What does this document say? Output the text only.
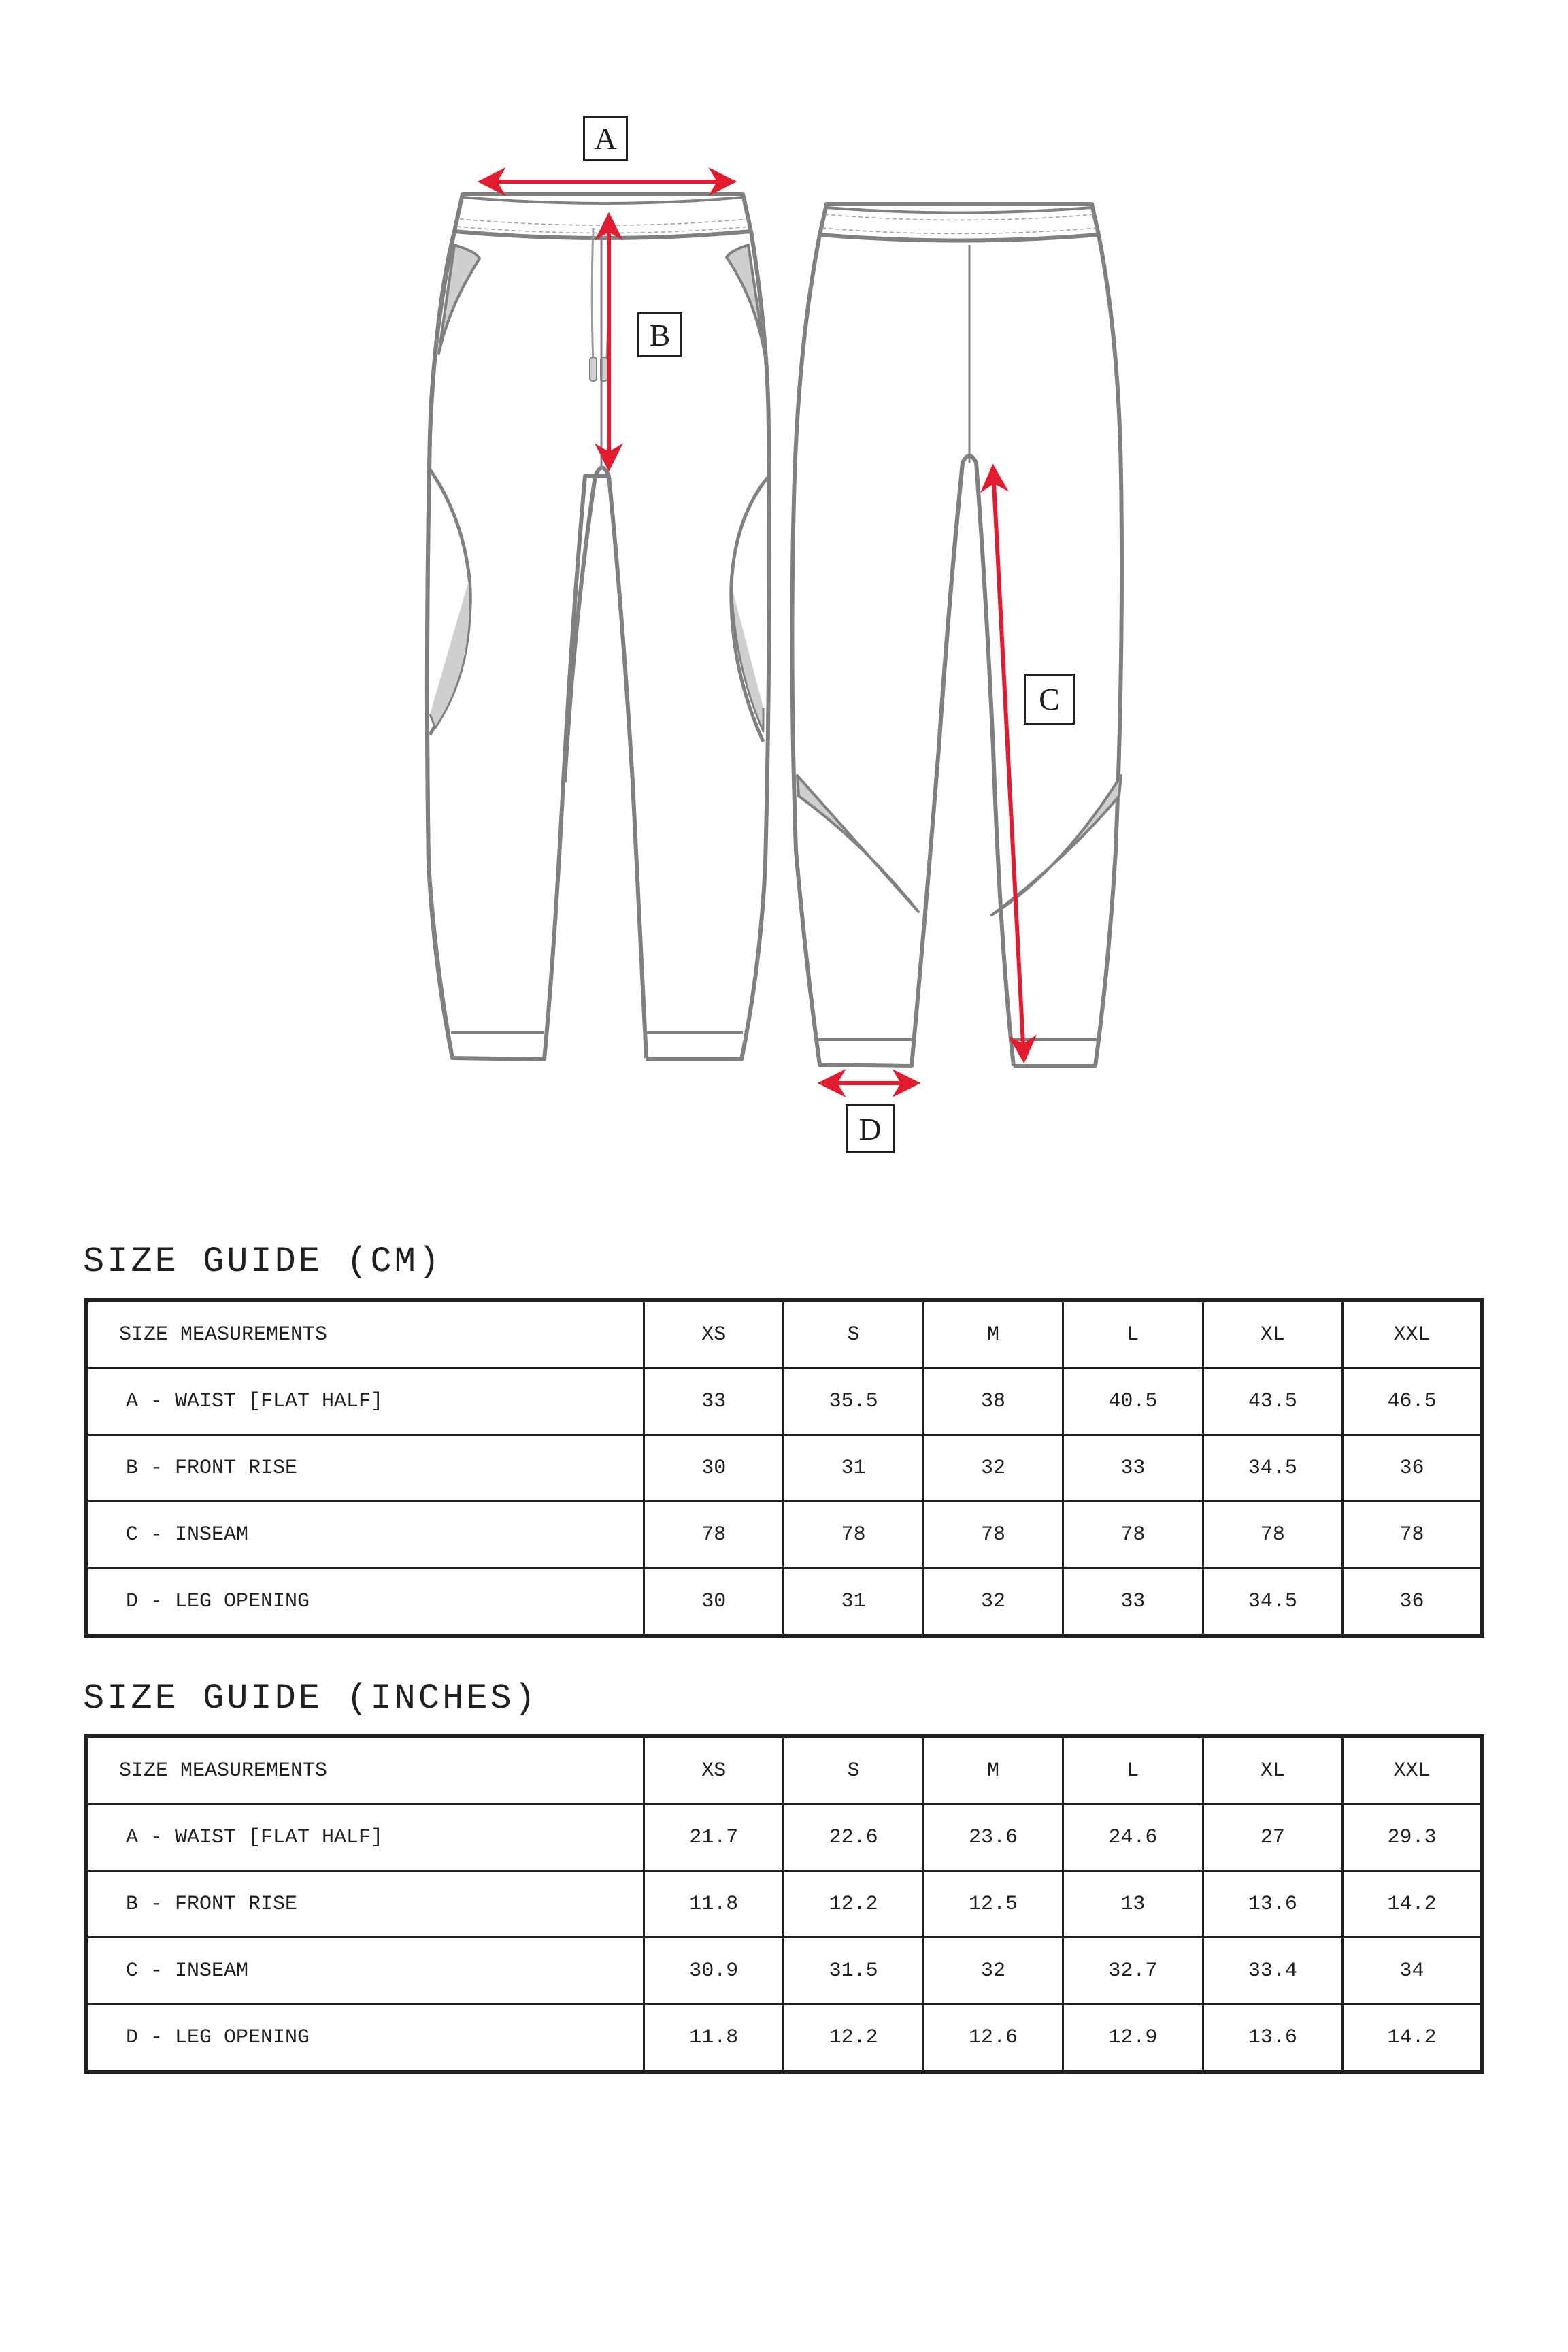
A
B
C
D
SIZE GUIDE (CM)
SIZE MEASUREMENTS	XS	S	M	L	XL	XXL
A - WAIST [FLAT HALF]	33	35.5	38	40.5	43.5	46.5
B - FRONT RISE	30	31	32	33	34.5	36
C - INSEAM	78	78	78	78	78	78
D - LEG OPENING	30	31	32	33	34.5	36
SIZE GUIDE (INCHES)
SIZE MEASUREMENTS	XS	S	M	L	XL	XXL
A - WAIST [FLAT HALF]	21.7	22.6	23.6	24.6	27	29.3
B - FRONT RISE	11.8	12.2	12.5	13	13.6	14.2
C - INSEAM	30.9	31.5	32	32.7	33.4	34
D - LEG OPENING	11.8	12.2	12.6	12.9	13.6	14.2
